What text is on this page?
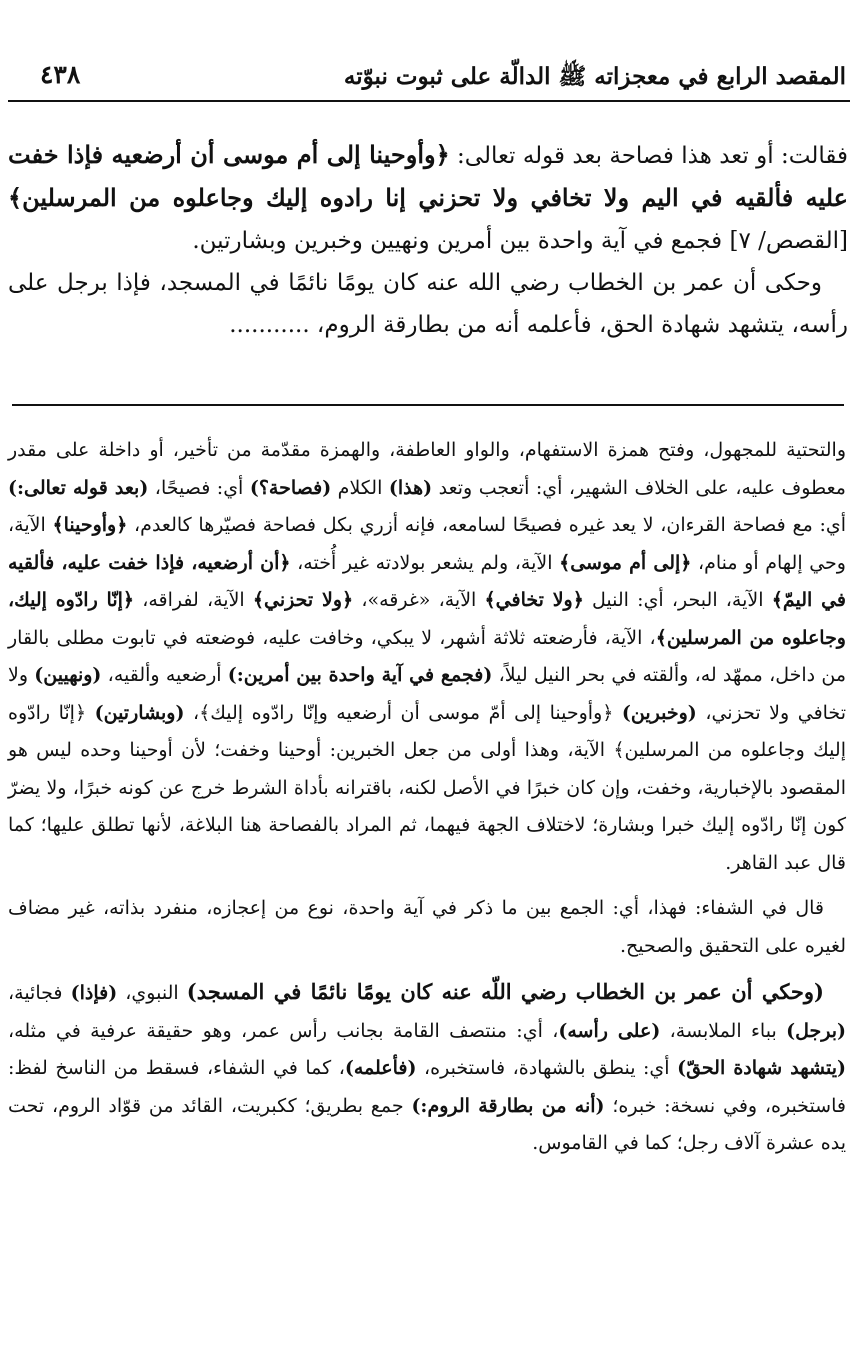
المقصد الرابع في معجزاته ﷺ الدالّة على ثبوت نبوّته
٤٣٨

فقالت: أو تعد هذا فصاحة بعد قوله تعالى: ﴿وأوحينا إلى أم موسى أن أرضعيه فإذا خفت عليه فألقيه في اليم ولا تخافي ولا تحزني إنا رادوه إليك وجاعلوه من المرسلين﴾ [القصص/ ٧] فجمع في آية واحدة بين أمرين ونهيين وخبرين وبشارتين.

وحكى أن عمر بن الخطاب رضي الله عنه كان يومًا نائمًا في المسجد، فإذا برجل على رأسه، يتشهد شهادة الحق، فأعلمه أنه من بطارقة الروم، ...........

والتحتية للمجهول، وفتح همزة الاستفهام، والواو العاطفة، والهمزة مقدّمة من تأخير، أو داخلة على مقدر معطوف عليه، على الخلاف الشهير، أي: أتعجب وتعد (هذا) الكلام (فصاحة؟) أي: فصيحًا، (بعد قوله تعالى:) أي: مع فصاحة القرءان، لا يعد غيره فصيحًا لسامعه، فإنه أزري بكل فصاحة فصيّرها كالعدم، ﴿وأوحينا﴾ الآية، وحي إلهام أو منام، ﴿إلى أم موسى﴾ الآية، ولم يشعر بولادته غير أُخته، ﴿أن أرضعيه، فإذا خفت عليه، فألقيه في اليمّ﴾ الآية، البحر، أي: النيل ﴿ولا تخافي﴾ الآية، «غرقه»، ﴿ولا تحزني﴾ الآية، لفراقه، ﴿إنّا رادّوه إليك، وجاعلوه من المرسلين﴾، الآية، فأرضعته ثلاثة أشهر، لا يبكي، وخافت عليه، فوضعته في تابوت مطلى بالقار من داخل، ممهّد له، وألقته في بحر النيل ليلاً، (فجمع في آية واحدة بين أمرين:) أرضعيه وألقيه، (ونهيين) ولا تخافي ولا تحزني، (وخبرين) ﴿وأوحينا إلى أمّ موسى أن أرضعيه وإنّا رادّوه إليك﴾، (وبشارتين) ﴿إنّا رادّوه إليك وجاعلوه من المرسلين﴾ الآية، وهذا أولى من جعل الخبرين: أوحينا وخفت؛ لأن أوحينا وحده ليس هو المقصود بالإخبارية، وخفت، وإن كان خبرًا في الأصل لكنه، باقترانه بأداة الشرط خرج عن كونه خبرًا، ولا يضرّ كون إنّا رادّوه إليك خبرا وبشارة؛ لاختلاف الجهة فيهما، ثم المراد بالفصاحة هنا البلاغة، لأنها تطلق عليها؛ كما قال عبد القاهر.

قال في الشفاء: فهذا، أي: الجمع بين ما ذكر في آية واحدة، نوع من إعجازه، منفرد بذاته، غير مضاف لغيره على التحقيق والصحيح.

(وحكي أن عمر بن الخطاب رضي اللّه عنه كان يومًا نائمًا في المسجد) النبوي، (فإذا) فجائية، (برجل) بباء الملابسة، (على رأسه)، أي: منتصف القامة بجانب رأس عمر، وهو حقيقة عرفية في مثله، (يتشهد شهادة الحقّ) أي: ينطق بالشهادة، فاستخبره، (فأعلمه)، كما في الشفاء، فسقط من الناسخ لفظ: فاستخبره، وفي نسخة: خبره؛ (أنه من بطارقة الروم:) جمع بطريق؛ ككبريت، القائد من قوّاد الروم، تحت يده عشرة آلاف رجل؛ كما في القاموس.
